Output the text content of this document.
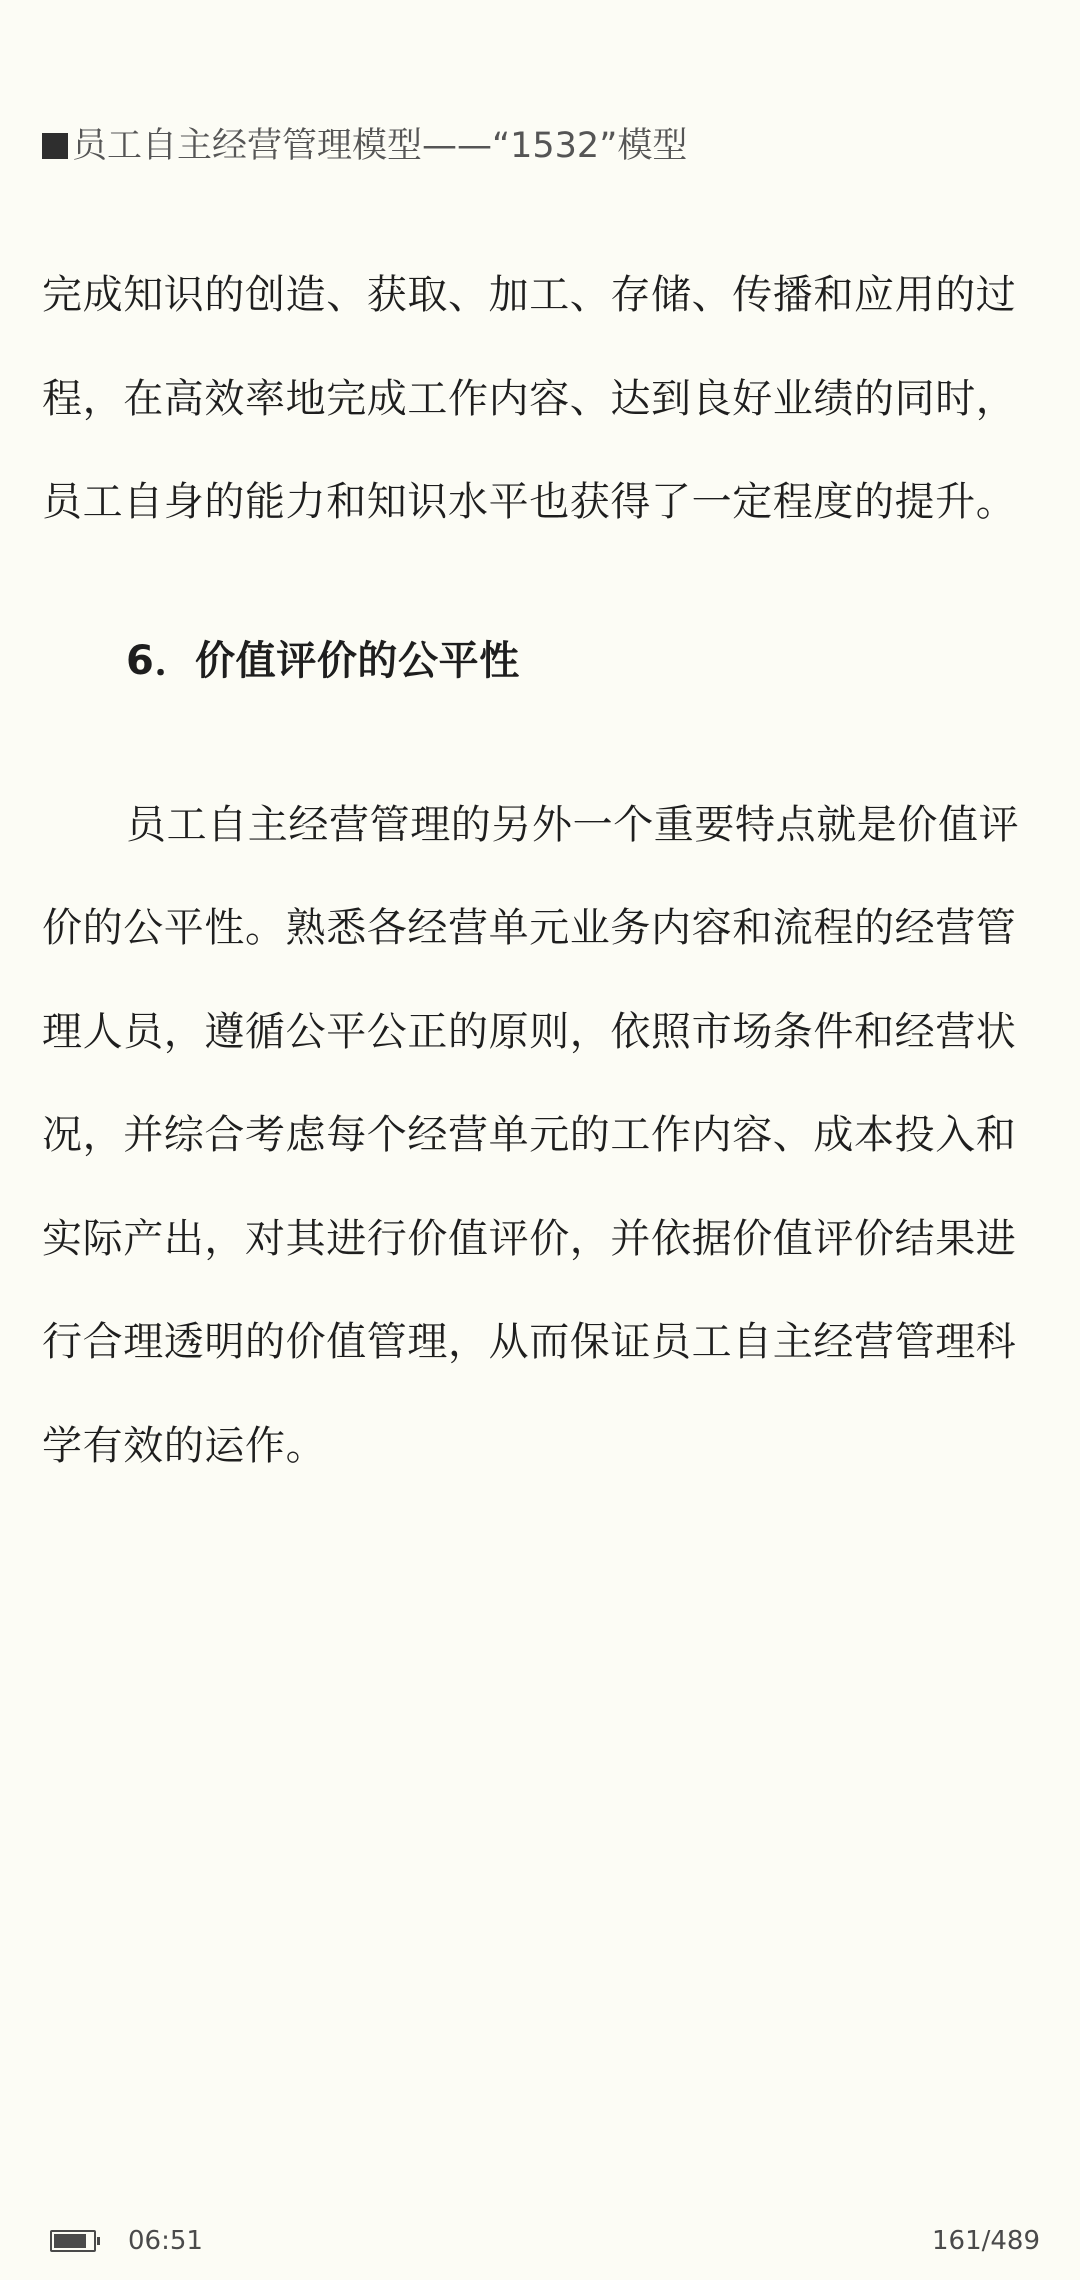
员工自主经营管理模型——“1532”模型

完成知识的创造、获取、加工、存储、传播和应用的过
程，在高效率地完成工作内容、达到良好业绩的同时，
员工自身的能力和知识水平也获得了一定程度的提升。

6．价值评价的公平性

员工自主经营管理的另外一个重要特点就是价值评
价的公平性。熟悉各经营单元业务内容和流程的经营管
理人员，遵循公平公正的原则，依照市场条件和经营状
况，并综合考虑每个经营单元的工作内容、成本投入和
实际产出，对其进行价值评价，并依据价值评价结果进
行合理透明的价值管理，从而保证员工自主经营管理科
学有效的运作。

06:51	161/489
